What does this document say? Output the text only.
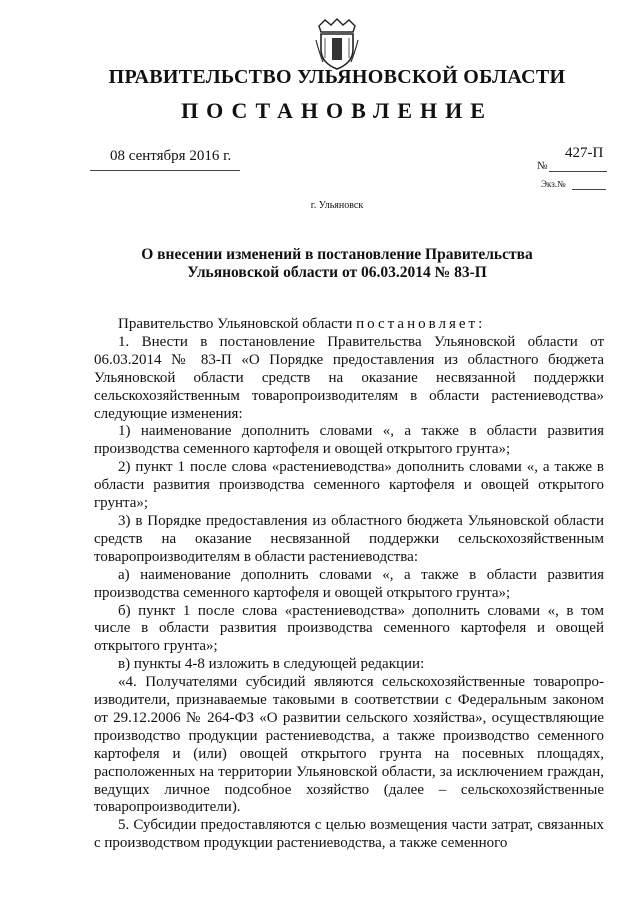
ПРАВИТЕЛЬСТВО УЛЬЯНОВСКОЙ ОБЛАСТИ
ПОСТАНОВЛЕНИЕ
08 сентября 2016 г.	427-П
№
Экз.№
г. Ульяновск
О внесении изменений в постановление Правительства
Ульяновской области от 06.03.2014 № 83-П

Правительство Ульяновской области постановляет:

1. Внести в постановление Правительства Ульяновской области от 06.03.2014 № 83-П «О Порядке предоставления из областного бюджета Ульяновской области средств на оказание несвязанной поддержки сельскохозяйственным товаропроизводителям в области растениеводства» следующие изменения:

1) наименование дополнить словами «, а также в области развития производства семенного картофеля и овощей открытого грунта»;

2) пункт 1 после слова «растениеводства» дополнить словами «, а также в области развития производства семенного картофеля и овощей открытого грунта»;

3) в Порядке предоставления из областного бюджета Ульяновской области средств на оказание несвязанной поддержки сельскохозяйственным товаропроизводителям в области растениеводства:

а) наименование дополнить словами «, а также в области развития производства семенного картофеля и овощей открытого грунта»;

б) пункт 1 после слова «растениеводства» дополнить словами «, в том числе в области развития производства семенного картофеля и овощей открытого грунта»;

в) пункты 4-8 изложить в следующей редакции:

«4. Получателями субсидий являются сельскохозяйственные товаропро-изводители, признаваемые таковыми в соответствии с Федеральным законом от 29.12.2006 № 264-ФЗ «О развитии сельского хозяйства», осуществляющие производство продукции растениеводства, а также производство семенного картофеля и (или) овощей открытого грунта на посевных площадях, расположенных на территории Ульяновской области, за исключением граждан, ведущих личное подсобное хозяйство (далее – сельскохозяйственные товаропроизводители).

5. Субсидии предоставляются с целью возмещения части затрат, связанных с производством продукции растениеводства, а также семенного
